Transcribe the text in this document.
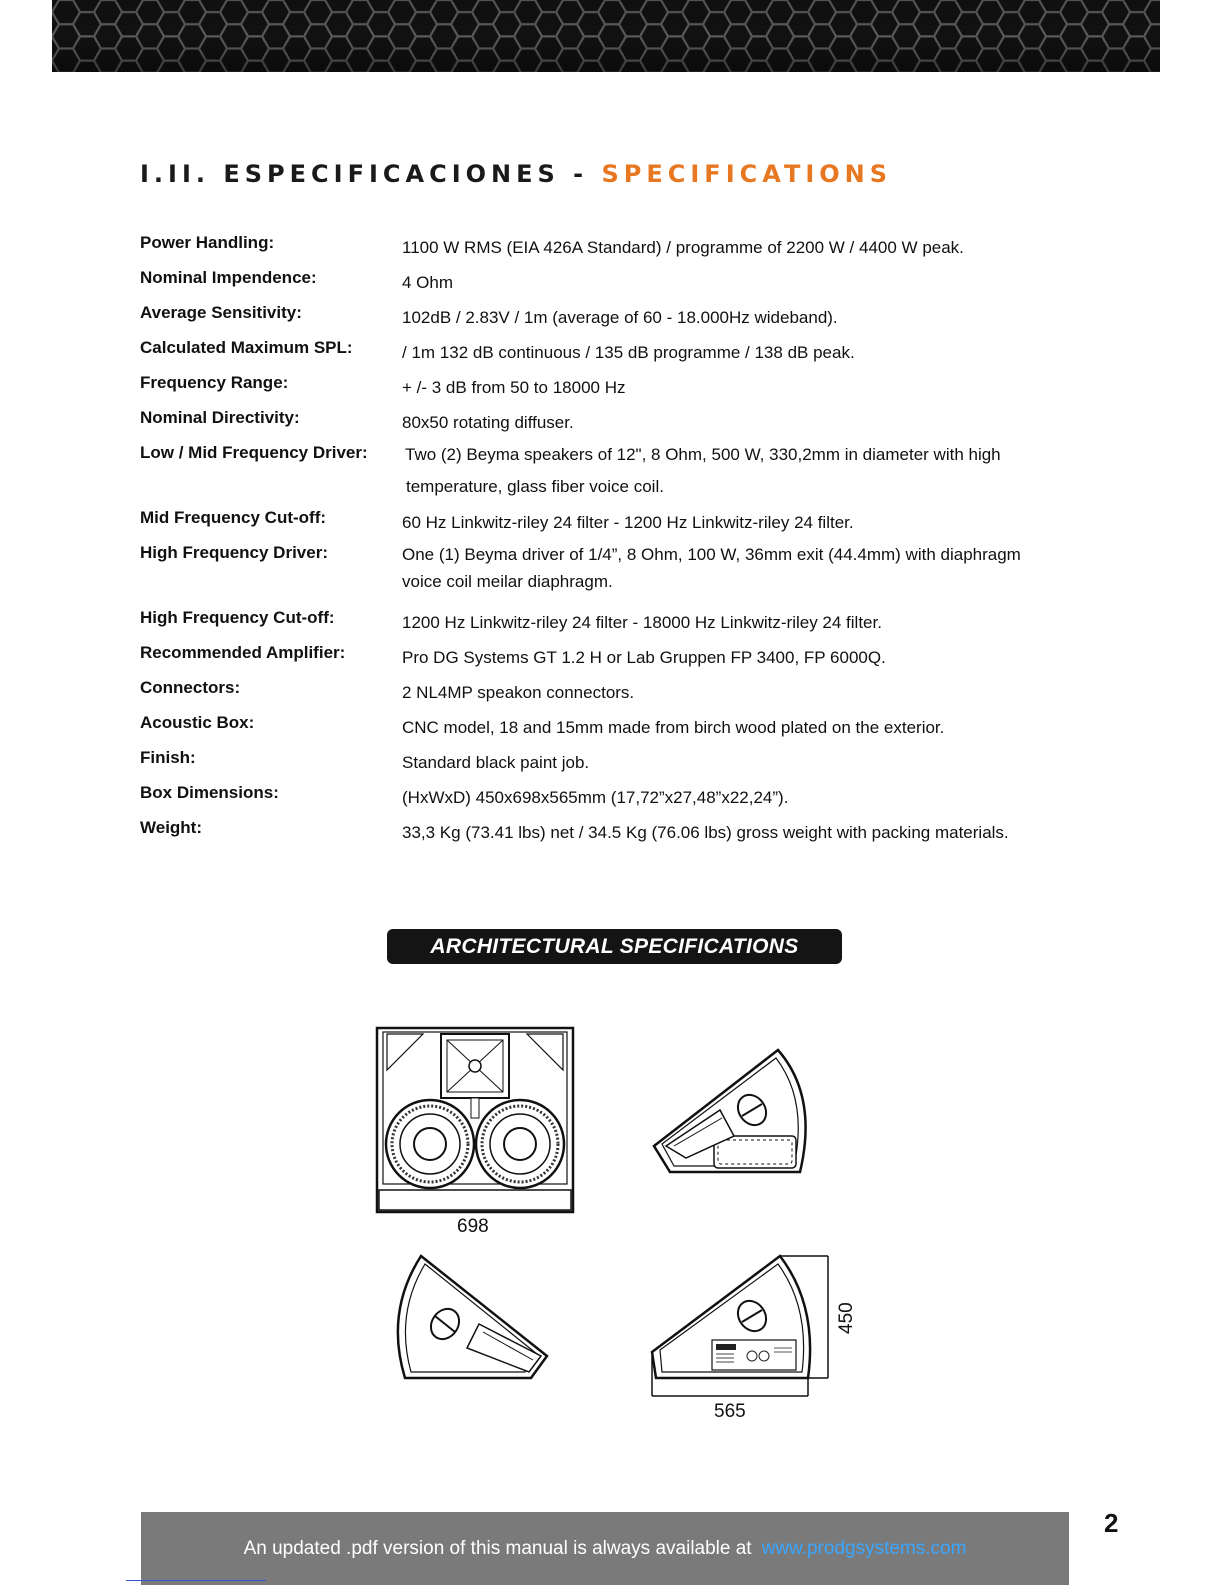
I.II. ESPECIFICACIONES - SPECIFICATIONS
Power Handling:	1100 W RMS (EIA 426A Standard) / programme of 2200 W / 4400 W peak.
Nominal Impendence:	4 Ohm
Average Sensitivity:	102dB / 2.83V / 1m (average of 60 - 18.000Hz wideband).
Calculated Maximum SPL:	/ 1m 132 dB continuous / 135 dB programme / 138 dB peak.
Frequency Range:	+ /- 3 dB from 50 to 18000 Hz
Nominal Directivity:	80x50 rotating diffuser.
Low / Mid Frequency Driver: Two (2) Beyma speakers of 12", 8 Ohm, 500 W, 330,2mm in diameter with high
temperature, glass fiber voice coil.
Mid Frequency Cut-off:	60 Hz Linkwitz-riley 24 filter - 1200 Hz Linkwitz-riley 24 filter.
High Frequency Driver:	One (1) Beyma driver of 1/4”, 8 Ohm, 100 W, 36mm exit (44.4mm) with diaphragm
voice coil meilar diaphragm.
High Frequency Cut-off:	1200 Hz Linkwitz-riley 24 filter - 18000 Hz Linkwitz-riley 24 filter.
Recommended Amplifier:	Pro DG Systems GT 1.2 H or Lab Gruppen FP 3400, FP 6000Q.
Connectors:	2 NL4MP speakon connectors.
Acoustic Box:	CNC model, 18 and 15mm made from birch wood plated on the exterior.
Finish:	Standard black paint job.
Box Dimensions:	(HxWxD) 450x698x565mm (17,72”x27,48”x22,24”).
Weight:	33,3 Kg (73.41 lbs) net / 34.5 Kg (76.06 lbs) gross weight with packing materials.
ARCHITECTURAL SPECIFICATIONS
698
450
565
An updated .pdf version of this manual is always available at www.prodgsystems.com
2
